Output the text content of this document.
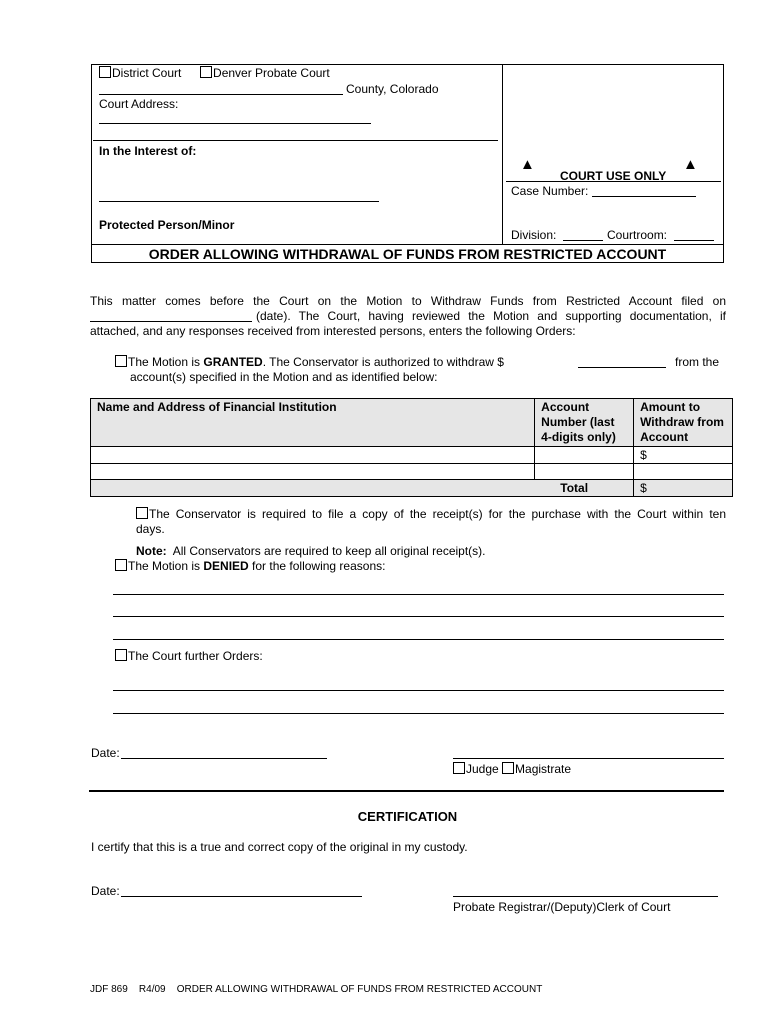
District Court	Denver Probate Court
County, Colorado
Court Address:
In the Interest of:
Protected Person/Minor
▲	▲
COURT USE ONLY
Case Number:
Division:	Courtroom:
ORDER ALLOWING WITHDRAWAL OF FUNDS FROM RESTRICTED ACCOUNT
This matter comes before the Court on the Motion to Withdraw Funds from Restricted Account filed on
(date). The Court, having reviewed the Motion and supporting documentation, if
attached, and any responses received from interested persons, enters the following Orders:
The Motion is GRANTED. The Conservator is authorized to withdraw $	from the
account(s) specified in the Motion and as identified below:
Name and Address of Financial Institution	Account Number (last 4-digits only)	Amount to Withdraw from Account
		$

Total		$
The Conservator is required to file a copy of the receipt(s) for the purchase with the Court within ten
days.
Note: All Conservators are required to keep all original receipt(s).
The Motion is DENIED for the following reasons:
The Court further Orders:
Date:
Judge Magistrate
CERTIFICATION
I certify that this is a true and correct copy of the original in my custody.
Date:
Probate Registrar/(Deputy)Clerk of Court
JDF 869 R4/09 ORDER ALLOWING WITHDRAWAL OF FUNDS FROM RESTRICTED ACCOUNT
